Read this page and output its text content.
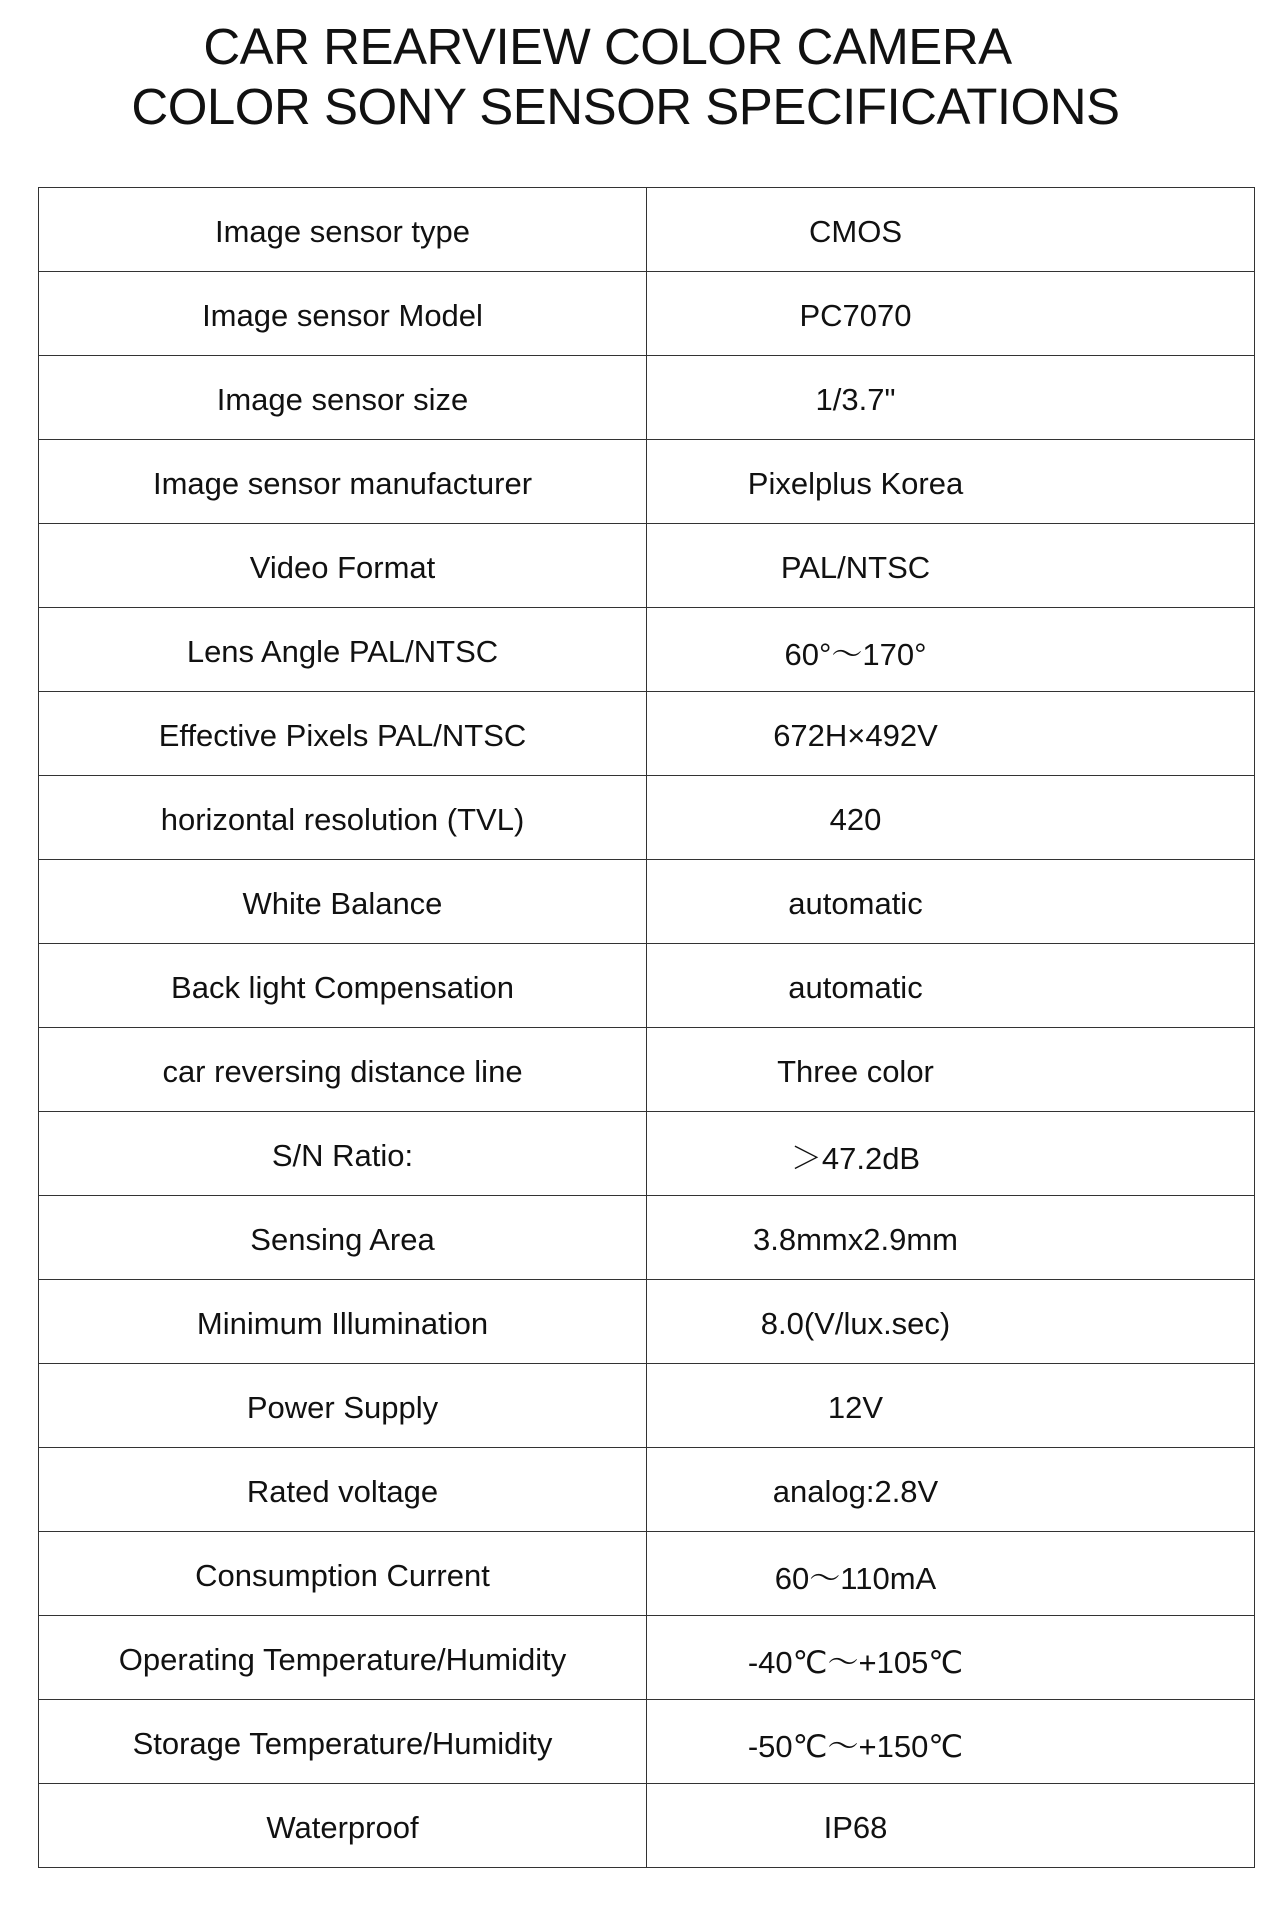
CAR REARVIEW COLOR CAMERA
COLOR SONY SENSOR SPECIFICATIONS
Image sensor type	CMOS
Image sensor Model	PC7070
Image sensor size	1/3.7"
Image sensor manufacturer	Pixelplus Korea
Video Format	PAL/NTSC
Lens Angle PAL/NTSC	60°～170°
Effective Pixels PAL/NTSC	672H×492V
horizontal resolution (TVL)	420
White Balance	automatic
Back light Compensation	automatic
car reversing distance line	Three color
S/N Ratio:	＞47.2dB
Sensing Area	3.8mmx2.9mm
Minimum Illumination	8.0(V/lux.sec)
Power Supply	12V
Rated voltage	analog:2.8V
Consumption Current	60～110mA
Operating Temperature/Humidity	-40℃～+105℃
Storage Temperature/Humidity	-50℃～+150℃
Waterproof	IP68
